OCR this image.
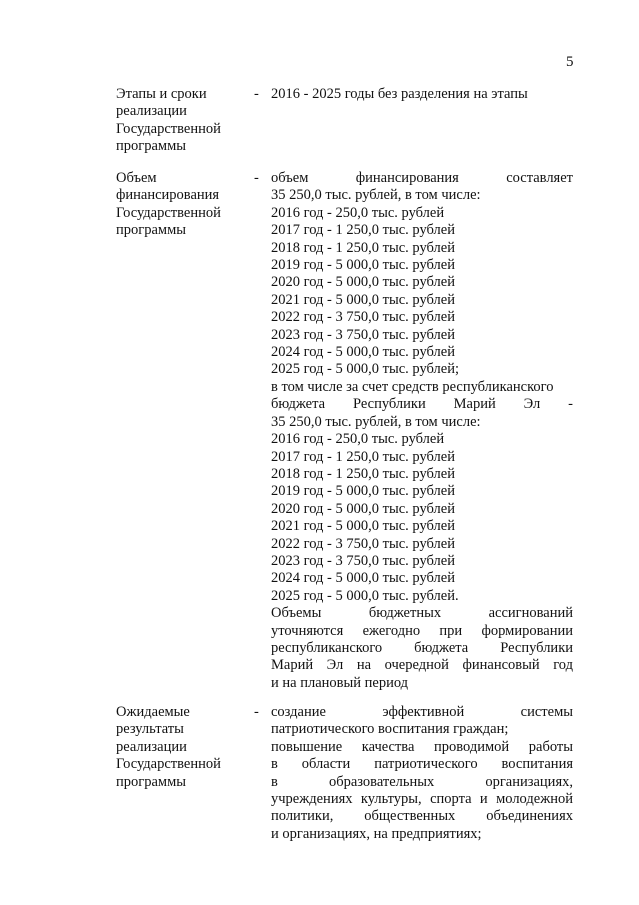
5
Этапы и сроки
реализации
Государственной
программы
- 2016 - 2025 годы без разделения на этапы
Объем
финансирования
Государственной
программы
- объем финансирования составляет
35 250,0 тыс. рублей, в том числе:
2016 год - 250,0 тыс. рублей
2017 год - 1 250,0 тыс. рублей
2018 год - 1 250,0 тыс. рублей
2019 год - 5 000,0 тыс. рублей
2020 год - 5 000,0 тыс. рублей
2021 год - 5 000,0 тыс. рублей
2022 год - 3 750,0 тыс. рублей
2023 год - 3 750,0 тыс. рублей
2024 год - 5 000,0 тыс. рублей
2025 год - 5 000,0 тыс. рублей;
в том числе за счет средств республиканского
бюджета Республики Марий Эл -
35 250,0 тыс. рублей, в том числе:
2016 год - 250,0 тыс. рублей
2017 год - 1 250,0 тыс. рублей
2018 год - 1 250,0 тыс. рублей
2019 год - 5 000,0 тыс. рублей
2020 год - 5 000,0 тыс. рублей
2021 год - 5 000,0 тыс. рублей
2022 год - 3 750,0 тыс. рублей
2023 год - 3 750,0 тыс. рублей
2024 год - 5 000,0 тыс. рублей
2025 год - 5 000,0 тыс. рублей.
Объемы бюджетных ассигнований
уточняются ежегодно при формировании
республиканского бюджета Республики
Марий Эл на очередной финансовый год
и на плановый период
Ожидаемые
результаты
реализации
Государственной
программы
- создание эффективной системы
патриотического воспитания граждан;
повышение качества проводимой работы
в области патриотического воспитания
в образовательных организациях,
учреждениях культуры, спорта и молодежной
политики, общественных объединениях
и организациях, на предприятиях;
